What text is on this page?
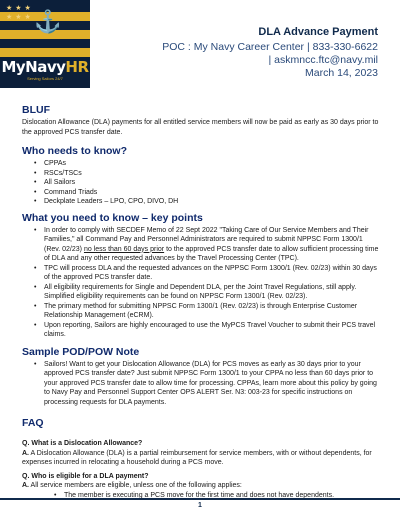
★★★
★★★ ⚓
MyNavyHR
Serving Sailors 24/7
DLA Advance Payment
POC : My Navy Career Center | 833-330-6622
| askmncc.ftc@navy.mil
March 14, 2023
BLUF

Dislocation Allowance (DLA) payments for all entitled service members will now be paid as early as 30 days prior to the approved PCS transfer date.

Who needs to know?
• CPPAs
• RSCs/TSCs
• All Sailors
• Command Triads
• Deckplate Leaders – LPO, CPO, DIVO, DH
What you need to know – key points
• In order to comply with SECDEF Memo of 22 Sept 2022 "Taking Care of Our Service Members and Their Families," all Command Pay and Personnel Administrators are required to submit NPPSC Form 1300/1 (Rev. 02/23) no less than 60 days prior to the approved PCS transfer date to allow sufficient processing time of DLA and any other requested advances by the Travel Processing Center (TPC).
• TPC will process DLA and the requested advances on the NPPSC Form 1300/1 (Rev. 02/23) within 30 days of the approved PCS transfer date.
• All eligibility requirements for Single and Dependent DLA, per the Joint Travel Regulations, still apply. Simplified eligibility requirements can be found on NPPSC Form 1300/1 (Rev. 02/23).
• The primary method for submitting NPPSC Form 1300/1 (Rev. 02/23) is through Enterprise Customer Relationship Management (eCRM).
• Upon reporting, Sailors are highly encouraged to use the MyPCS Travel Voucher to submit their PCS travel claims.
Sample POD/POW Note
• Sailors! Want to get your Dislocation Allowance (DLA) for PCS moves as early as 30 days prior to your approved PCS transfer date? Just submit NPPSC Form 1300/1 to your CPPA no less than 60 days prior to your approved PCS transfer date to allow time for processing. CPPAs, learn more about this policy by going to Navy Pay and Personnel Support Center OPS ALERT Ser. N3: 003-23 for specific instructions on processing requests for DLA payments.
FAQ
Q. What is a Dislocation Allowance?

A. A Dislocation Allowance (DLA) is a partial reimbursement for service members, with or without dependents, for expenses incurred in relocating a household during a PCS move.

Q. Who is eligible for a DLA payment?

A. All service members are eligible, unless one of the following applies:

• The member is executing a PCS move for the first time and does not have dependents.
1
